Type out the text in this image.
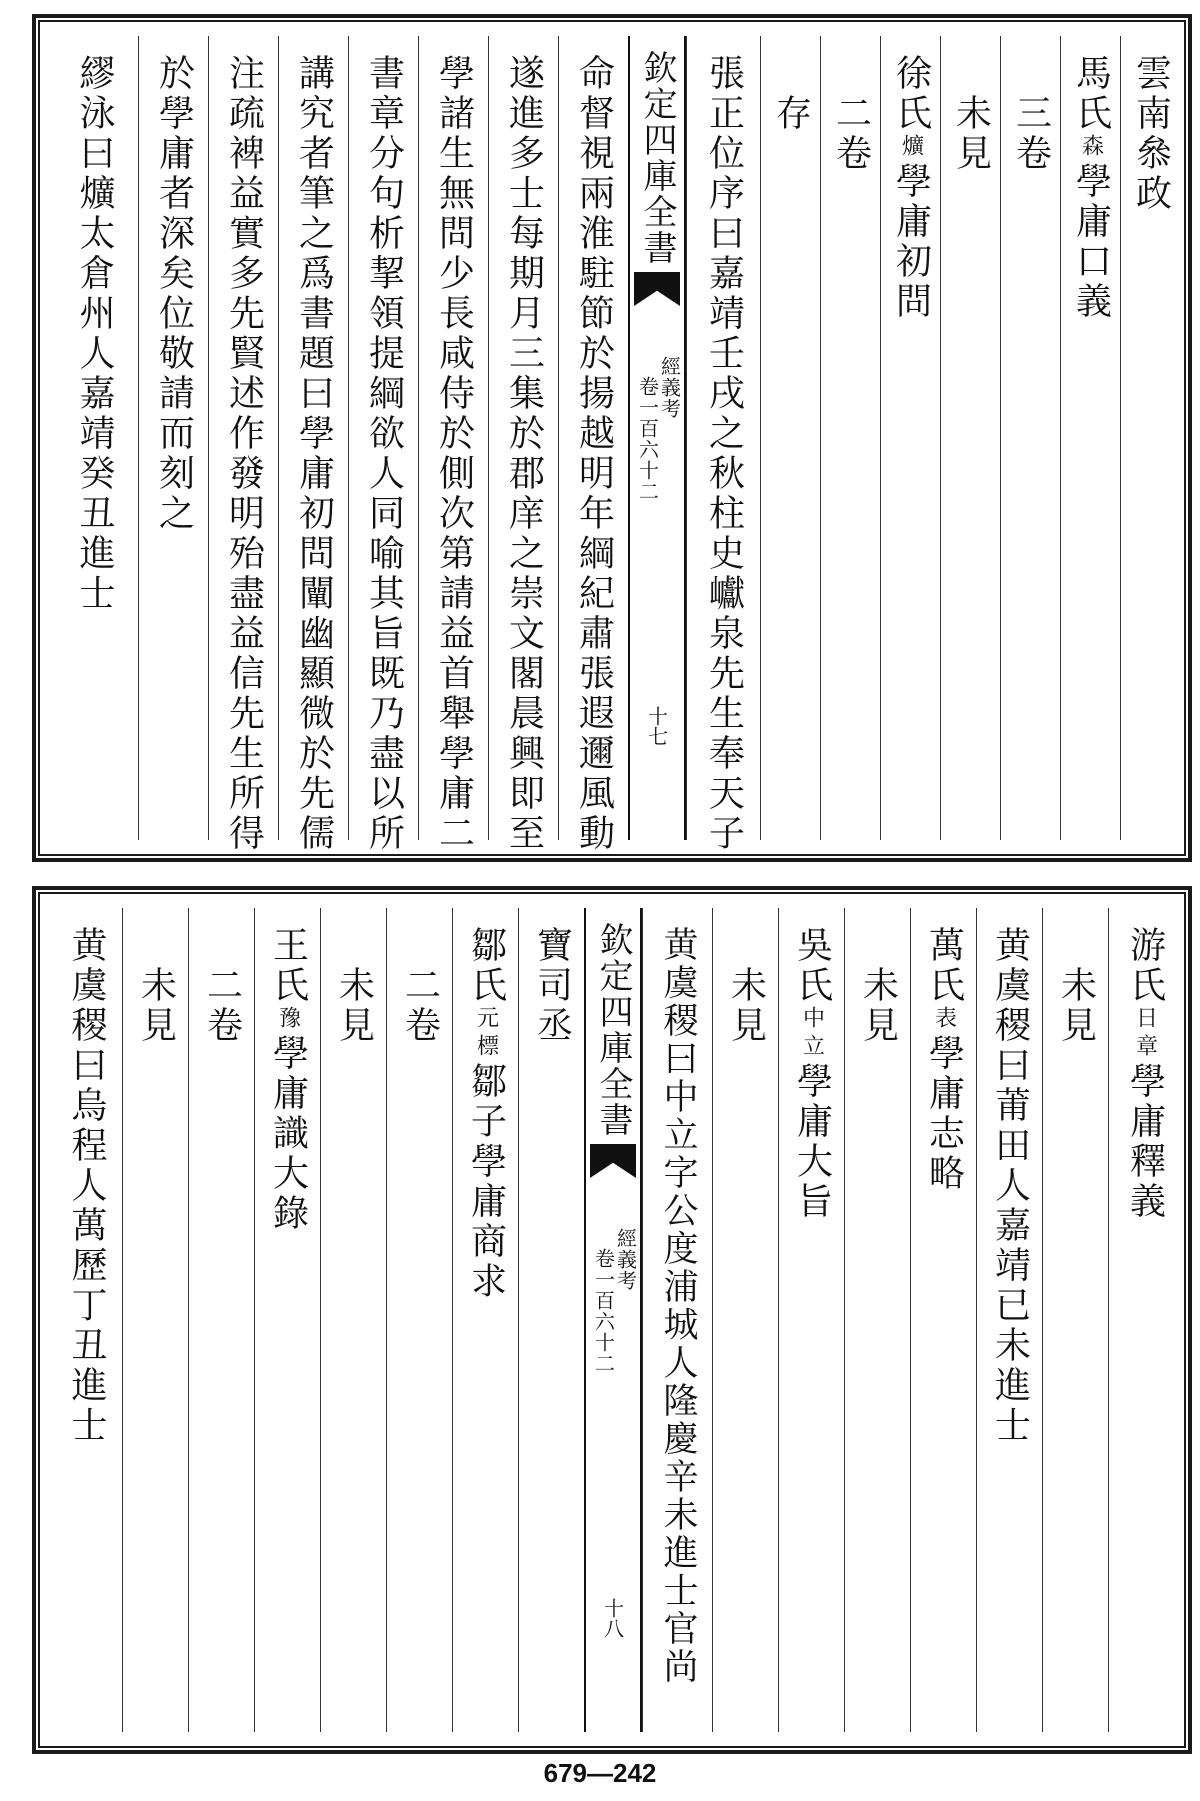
雲南叅政
馬氏森學庸口義
　三卷
　未見
徐氏爌學庸初問
　二卷
　存
張正位序曰嘉靖壬戌之秋柱史巘泉先生奉天子
欽定四庫全書
經義考
卷一百六十二
十七
命督視兩淮駐節於揚越明年綱紀肅張遐邇風動
遂進多士每期月三集於郡庠之崇文閣晨興即至
學諸生無問少長咸侍於側次第請益首舉學庸二
書章分句析挈領提綱欲人同喻其旨既乃盡以所
講究者筆之爲書題曰學庸初問闡幽顯微於先儒
注疏裨益實多先賢述作發明殆盡益信先生所得
於學庸者深矣位敬請而刻之
繆泳曰爌太倉州人嘉靖癸丑進士
游氏日章學庸釋義
　未見
黄虞稷曰莆田人嘉靖已未進士
萬氏表學庸志略
　未見
吳氏中立學庸大旨
　未見
黄虞稷曰中立字公度浦城人隆慶辛未進士官尚
欽定四庫全書
經義考
卷一百六十二
十八
寶司丞
鄒氏元標鄒子學庸商求
　二卷
　未見
王氏豫學庸識大錄
　二卷
　未見
黄虞稷曰烏程人萬歷丁丑進士
679—242
